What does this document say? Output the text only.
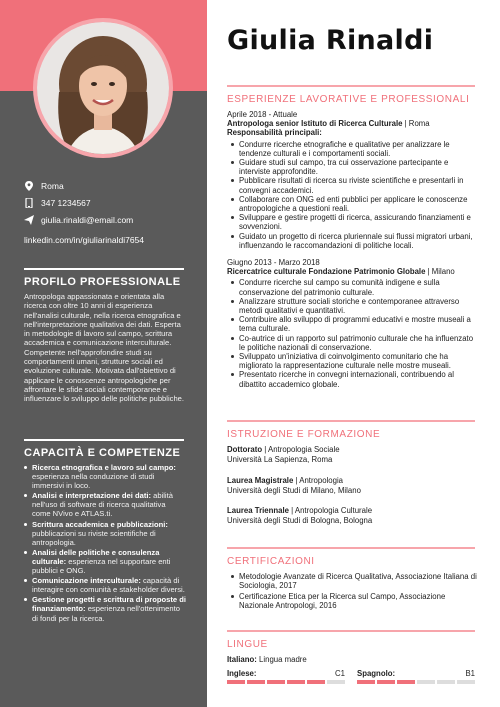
Roma
347 1234567
giulia.rinaldi@email.com
linkedin.com/in/giuliarinaldi7654
PROFILO PROFESSIONALE
Antropologa appassionata e orientata alla ricerca con oltre 10 anni di esperienza nell'analisi culturale, nella ricerca etnografica e nell'interpretazione qualitativa dei dati. Esperta in metodologie di lavoro sul campo, scrittura accademica e comunicazione interculturale. Competente nell'approfondire studi su comportamenti umani, strutture sociali ed evoluzione culturale. Motivata dall'obiettivo di applicare le conoscenze antropologiche per affrontare le sfide sociali contemporanee e influenzare lo sviluppo delle politiche pubbliche.
CAPACITÀ E COMPETENZE
Ricerca etnografica e lavoro sul campo: esperienza nella conduzione di studi immersivi in loco.
Analisi e interpretazione dei dati: abilità nell'uso di software di ricerca qualitativa come NVivo e ATLAS.ti.
Scrittura accademica e pubblicazioni: pubblicazioni su riviste scientifiche di antropologia.
Analisi delle politiche e consulenza culturale: esperienza nel supportare enti pubblici e ONG.
Comunicazione interculturale: capacità di interagire con comunità e stakeholder diversi.
Gestione progetti e scrittura di proposte di finanziamento: esperienza nell'ottenimento di fondi per la ricerca.
Giulia Rinaldi
ESPERIENZE LAVORATIVE E PROFESSIONALI
Aprile 2018 - Attuale
Antropologa senior Istituto di Ricerca Culturale | Roma
Responsabilità principali:
Condurre ricerche etnografiche e qualitative per analizzare le tendenze culturali e i comportamenti sociali.
Guidare studi sul campo, tra cui osservazione partecipante e interviste approfondite.
Pubblicare risultati di ricerca su riviste scientifiche e presentarli in convegni accademici.
Collaborare con ONG ed enti pubblici per applicare le conoscenze antropologiche a questioni reali.
Sviluppare e gestire progetti di ricerca, assicurando finanziamenti e sovvenzioni.
Guidato un progetto di ricerca pluriennale sui flussi migratori urbani, influenzando le raccomandazioni di politiche locali.
Giugno 2013 - Marzo 2018
Ricercatrice culturale Fondazione Patrimonio Globale | Milano
Condurre ricerche sul campo su comunità indigene e sulla conservazione del patrimonio culturale.
Analizzare strutture sociali storiche e contemporanee attraverso metodi qualitativi e quantitativi.
Contribuire allo sviluppo di programmi educativi e mostre museali a tema culturale.
Co-autrice di un rapporto sul patrimonio culturale che ha influenzato le politiche nazionali di conservazione.
Sviluppato un'iniziativa di coinvolgimento comunitario che ha migliorato la rappresentazione culturale nelle mostre museali.
Presentato ricerche in convegni internazionali, contribuendo al dibattito accademico globale.
ISTRUZIONE E FORMAZIONE
Dottorato | Antropologia Sociale
Università La Sapienza, Roma
Laurea Magistrale | Antropologia
Università degli Studi di Milano, Milano
Laurea Triennale | Antropologia Culturale
Università degli Studi di Bologna, Bologna
CERTIFICAZIONI
Metodologie Avanzate di Ricerca Qualitativa, Associazione Italiana di Sociologia, 2017
Certificazione Etica per la Ricerca sul Campo, Associazione Nazionale Antropologi, 2016
LINGUE
Italiano: Lingua madre
Inglese:	C1 Spagnolo:	B1
